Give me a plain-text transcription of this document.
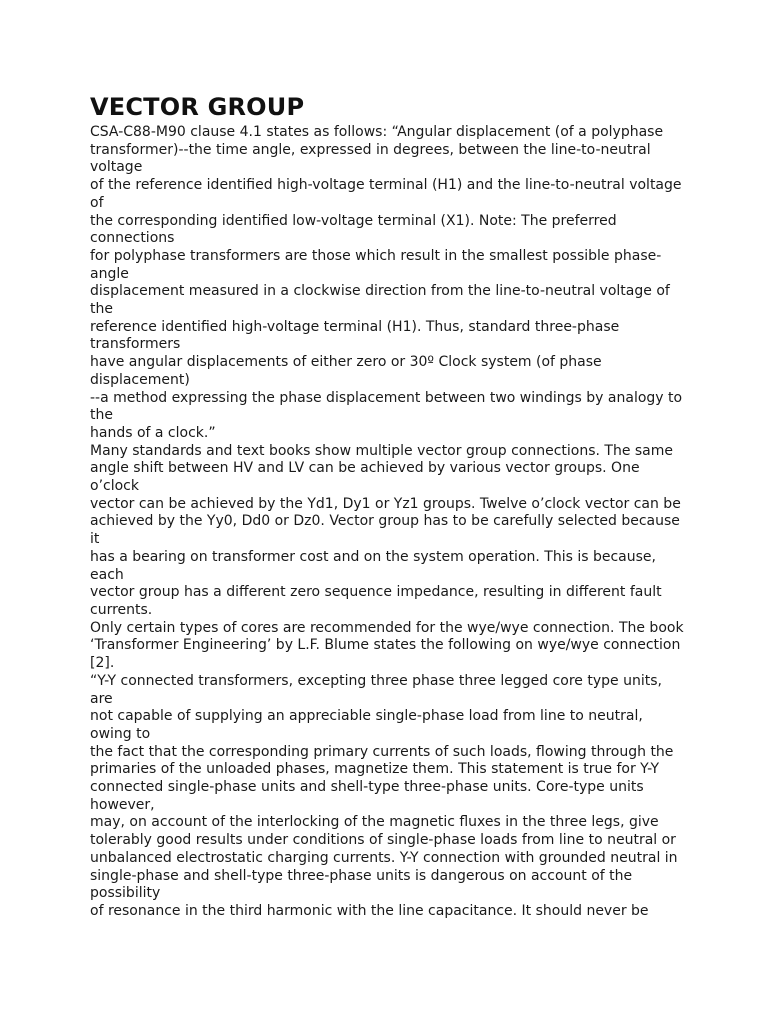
VECTOR GROUP
CSA-C88-M90 clause 4.1 states as follows: “Angular displacement (of a polyphase
transformer)--the time angle, expressed in degrees, between the line-to-neutral
voltage
of the reference identified high-voltage terminal (H1) and the line-to-neutral voltage
of
the corresponding identified low-voltage terminal (X1). Note: The preferred
connections
for polyphase transformers are those which result in the smallest possible phase-
angle
displacement measured in a clockwise direction from the line-to-neutral voltage of
the
reference identified high-voltage terminal (H1). Thus, standard three-phase
transformers
have angular displacements of either zero or 30º Clock system (of phase
displacement)
--a method expressing the phase displacement between two windings by analogy to
the
hands of a clock.”
Many standards and text books show multiple vector group connections. The same
angle shift between HV and LV can be achieved by various vector groups. One
o’clock
vector can be achieved by the Yd1, Dy1 or Yz1 groups. Twelve o’clock vector can be
achieved by the Yy0, Dd0 or Dz0. Vector group has to be carefully selected because
it
has a bearing on transformer cost and on the system operation. This is because,
each
vector group has a different zero sequence impedance, resulting in different fault
currents.
Only certain types of cores are recommended for the wye/wye connection. The book
‘Transformer Engineering’ by L.F. Blume states the following on wye/wye connection
[2].
“Y-Y connected transformers, excepting three phase three legged core type units,
are
not capable of supplying an appreciable single-phase load from line to neutral,
owing to
the fact that the corresponding primary currents of such loads, flowing through the
primaries of the unloaded phases, magnetize them. This statement is true for Y-Y
connected single-phase units and shell-type three-phase units. Core-type units
however,
may, on account of the interlocking of the magnetic fluxes in the three legs, give
tolerably good results under conditions of single-phase loads from line to neutral or
unbalanced electrostatic charging currents. Y-Y connection with grounded neutral in
single-phase and shell-type three-phase units is dangerous on account of the
possibility
of resonance in the third harmonic with the line capacitance. It should never be
